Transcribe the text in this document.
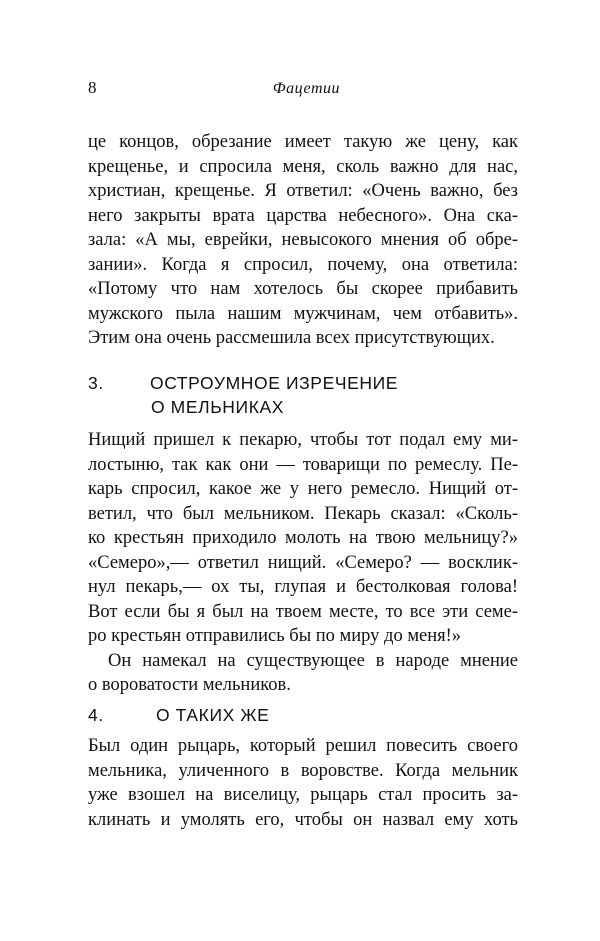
8	Фацетии
це концов, обрезание имеет такую же цену, как
крещенье, и спросила меня, сколь важно для нас,
христиан, крещенье. Я ответил: «Очень важно, без
него закрыты врата царства небесного». Она ска-
зала: «А мы, еврейки, невысокого мнения об обре-
зании». Когда я спросил, почему, она ответила:
«Потому что нам хотелось бы скорее прибавить
мужского пыла нашим мужчинам, чем отбавить».
Этим она очень рассмешила всех присутствующих.
3.	ОСТРОУМНОЕ ИЗРЕЧЕНИЕ
О МЕЛЬНИКАХ
Нищий пришел к пекарю, чтобы тот подал ему ми-
лостыню, так как они — товарищи по ремеслу. Пе-
карь спросил, какое же у него ремесло. Нищий от-
ветил, что был мельником. Пекарь сказал: «Сколь-
ко крестьян приходило молоть на твою мельницу?»
«Семеро»,— ответил нищий. «Семеро? — восклик-
нул пекарь,— ох ты, глупая и бестолковая голова!
Вот если бы я был на твоем месте, то все эти семе-
ро крестьян отправились бы по миру до меня!»
Он намекал на существующее в народе мнение
о вороватости мельников.
4.	О ТАКИХ ЖЕ
Был один рыцарь, который решил повесить своего
мельника, уличенного в воровстве. Когда мельник
уже взошел на виселицу, рыцарь стал просить за-
клинать и умолять его, чтобы он назвал ему хоть
